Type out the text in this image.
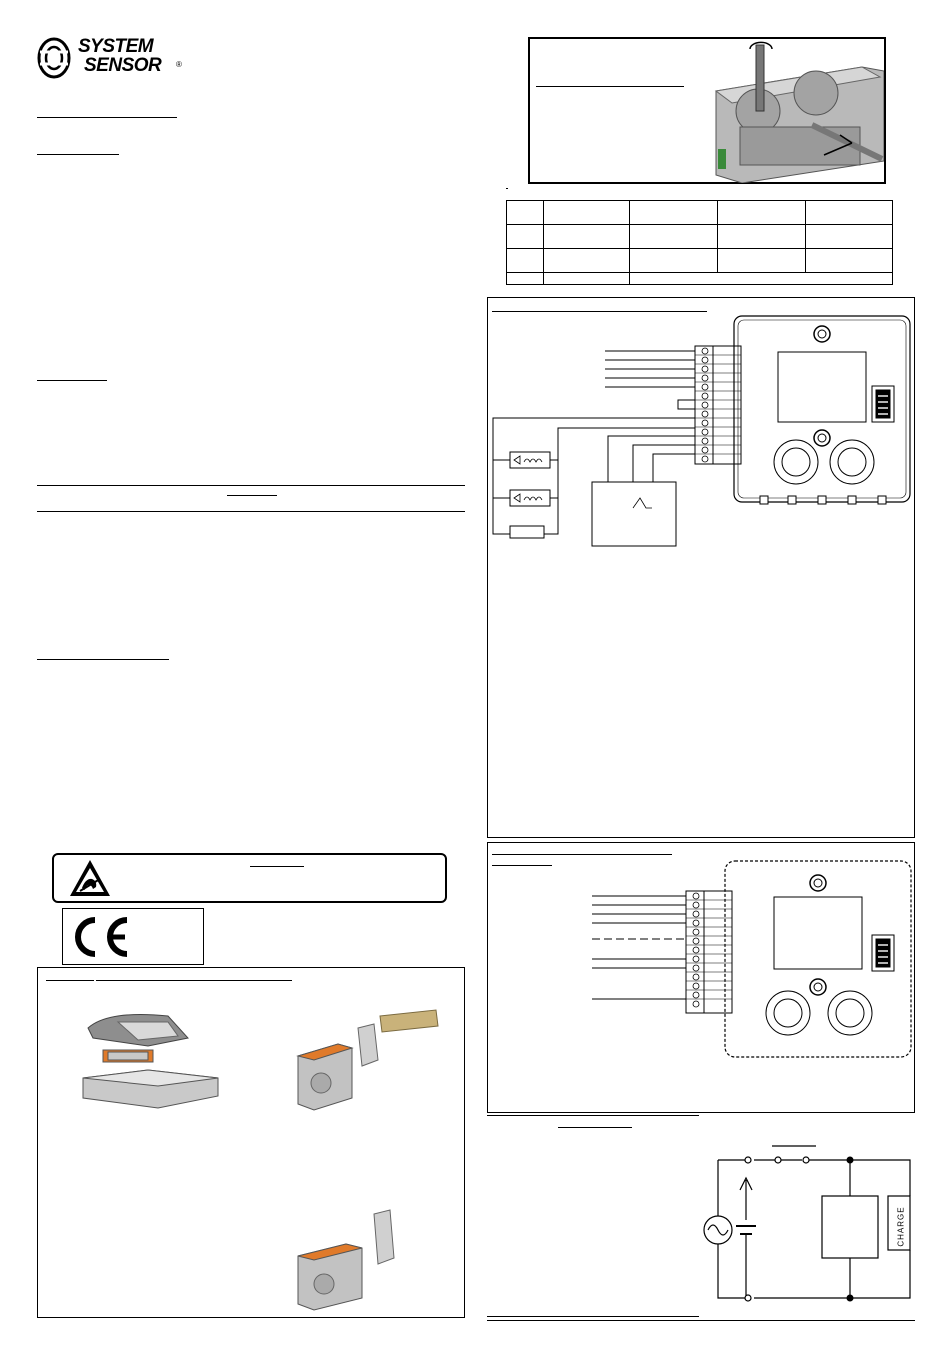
SYSTEM
SENSOR ®

CHARGE
